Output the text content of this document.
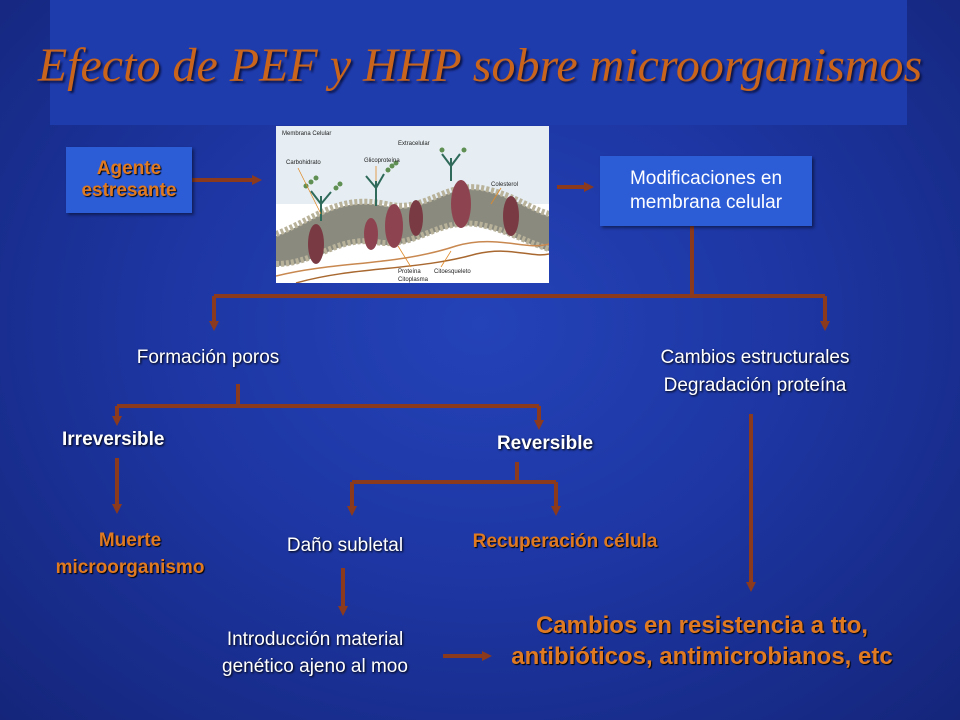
Efecto de PEF y HHP sobre microorganismos
Agente estresante
Membrana Celular
Extracelular
Carbohidrato	Glicoproteína
Colesterol
Proteína Citoesqueleto
Citoplasma
Modificaciones en membrana celular
Formación poros	Cambios estructurales
Degradación proteína
Irreversible	Reversible
Muerte microorganismo
Daño subletal	Recuperación célula
Introducción material genético ajeno al moo
Cambios en resistencia a tto, antibióticos, antimicrobianos, etc
